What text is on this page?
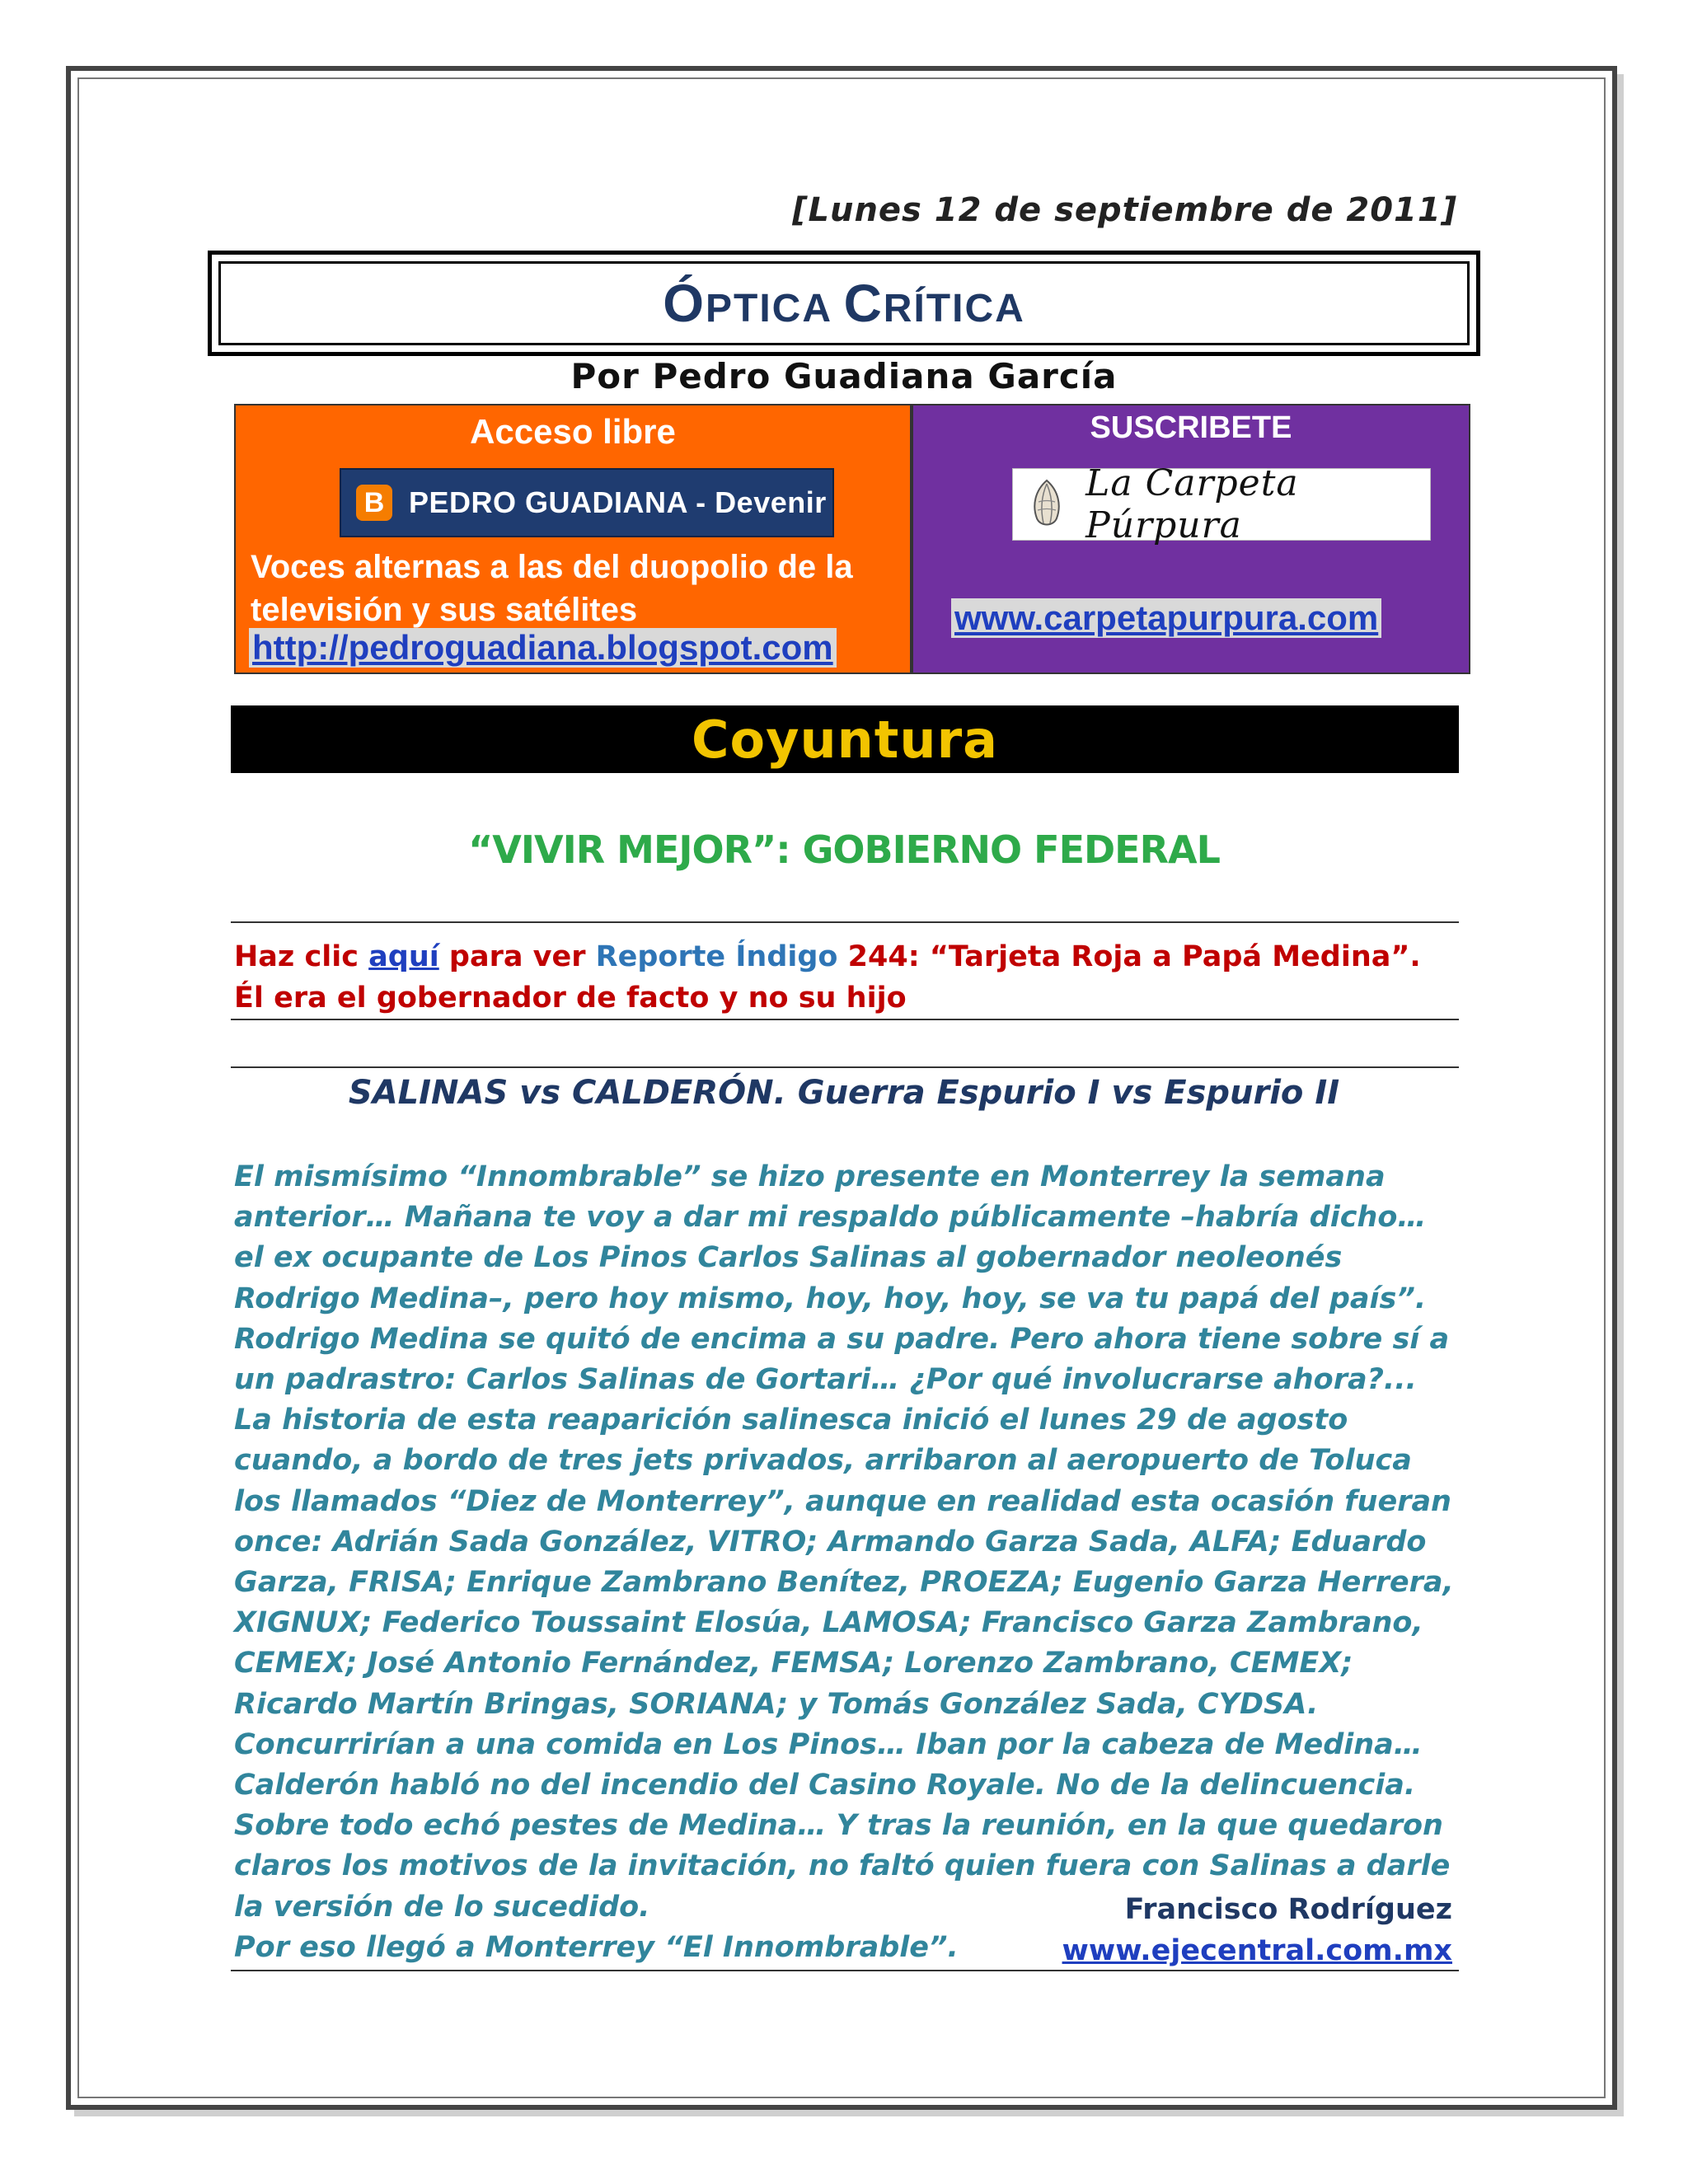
[Lunes 12 de septiembre de 2011]
ÓPTICA CRÍTICA
Por Pedro Guadiana García
Acceso libre
B PEDRO GUADIANA - Devenir
Voces alternas a las del duopolio de la televisión y sus satélites
http://pedroguadiana.blogspot.com
SUSCRIBETE
La Carpeta Púrpura
www.carpetapurpura.com
Coyuntura
“VIVIR MEJOR”: GOBIERNO FEDERAL
Haz clic aquí para ver Reporte Índigo 244: “Tarjeta Roja a Papá Medina”. Él era el gobernador de facto y no su hijo
SALINAS vs CALDERÓN. Guerra Espurio I vs Espurio II

El mismísimo “Innombrable” se hizo presente en Monterrey la semana anterior… Mañana te voy a dar mi respaldo públicamente –habría dicho… el ex ocupante de Los Pinos Carlos Salinas al gobernador neoleonés Rodrigo Medina–, pero hoy mismo, hoy, hoy, hoy, se va tu papá del país”.

Rodrigo Medina se quitó de encima a su padre. Pero ahora tiene sobre sí a un padrastro: Carlos Salinas de Gortari… ¿Por qué involucrarse ahora?...

La historia de esta reaparición salinesca inició el lunes 29 de agosto cuando, a bordo de tres jets privados, arribaron al aeropuerto de Toluca los llamados “Diez de Monterrey”, aunque en realidad esta ocasión fueran once: Adrián Sada González, VITRO; Armando Garza Sada, ALFA; Eduardo Garza, FRISA; Enrique Zambrano Benítez, PROEZA; Eugenio Garza Herrera, XIGNUX; Federico Toussaint Elosúa, LAMOSA; Francisco Garza Zambrano, CEMEX; José Antonio Fernández, FEMSA; Lorenzo Zambrano, CEMEX; Ricardo Martín Bringas, SORIANA; y Tomás González Sada, CYDSA.

Concurrirían a una comida en Los Pinos… Iban por la cabeza de Medina… Calderón habló no del incendio del Casino Royale. No de la delincuencia. Sobre todo echó pestes de Medina… Y tras la reunión, en la que quedaron claros los motivos de la invitación, no faltó quien fuera con Salinas a darle la versión de lo sucedido.

Por eso llegó a Monterrey “El Innombrable”.

Francisco Rodríguez
www.ejecentral.com.mx
